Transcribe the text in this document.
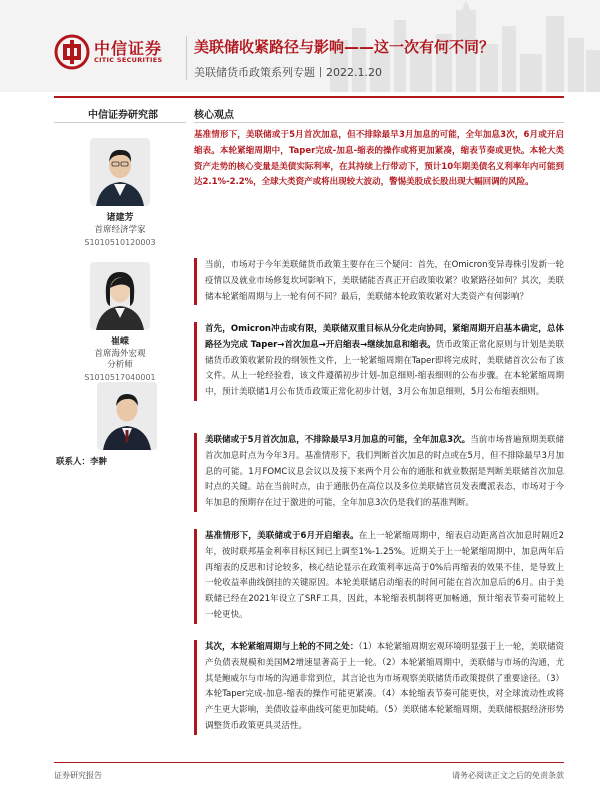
中信证券
CITIC SECURITIES
美联储收紧路径与影响——这一次有何不同？
美联储货币政策系列专题丨2022.1.20
中信证券研究部	核心观点
诸建芳
首席经济学家
S1010510120003
崔嵘
首席海外宏观
分析师
S1010517040001
联系人：李翀
基准情形下，美联储或于5月首次加息，但不排除最早3月加息的可能，全年加息3次，6月或开启缩表。本轮紧缩周期中，Taper完成-加息-缩表的操作或将更加紧凑，缩表节奏或更快。本轮大类资产走势的核心变量是美债实际利率，在其持续上行带动下，预计10年期美债名义利率年内可能到达2.1%-2.2%，全球大类资产或将出现较大波动，警惕美股成长股出现大幅回调的风险。
当前，市场对于今年美联储货币政策主要存在三个疑问：首先，在Omicron变异毒株引发新一轮疫情以及就业市场修复坎坷影响下，美联储能否真正开启政策收紧？收紧路径如何？其次，美联储本轮紧缩周期与上一轮有何不同？最后，美联储本轮政策收紧对大类资产有何影响？
首先，Omicron冲击或有限，美联储双重目标从分化走向协同，紧缩周期开启基本确定，总体路径为完成 Taper→首次加息→开启缩表→继续加息和缩表。货币政策正常化原则与计划是美联储货币政策收紧阶段的纲领性文件，上一轮紧缩周期在Taper即将完成时，美联储首次公布了该文件。从上一轮经验看，该文件遵循初步计划-加息细则-缩表细则的公布步骤。在本轮紧缩周期中，预计美联储1月公布货币政策正常化初步计划，3月公布加息细则，5月公布缩表细则。
美联储或于5月首次加息，不排除最早3月加息的可能，全年加息3次。当前市场普遍预期美联储首次加息时点为今年3月。基准情形下，我们判断首次加息的时点或在5月，但不排除最早3月加息的可能。1月FOMC议息会议以及接下来两个月公布的通胀和就业数据是判断美联储首次加息时点的关键。站在当前时点，由于通胀仍在高位以及多位美联储官员发表鹰派表态，市场对于今年加息的预期存在过于激进的可能，全年加息3次仍是我们的基准判断。
基准情形下，美联储或于6月开启缩表。在上一轮紧缩周期中，缩表启动距离首次加息时隔近2年，彼时联邦基金利率目标区间已上调至1%-1.25%。近期关于上一轮紧缩周期中，加息两年后再缩表的反思和讨论较多，核心结论显示在政策利率远高于0%后再缩表的效果不佳，是导致上一轮收益率曲线倒挂的关键原因。本轮美联储启动缩表的时间可能在首次加息后的6月。由于美联储已经在2021年设立了SRF工具，因此，本轮缩表机制将更加畅通，预计缩表节奏可能较上一轮更快。
其次，本轮紧缩周期与上轮的不同之处：（1）本轮紧缩周期宏观环境明显强于上一轮，美联储资产负债表规模和美国M2增速显著高于上一轮。（2）本轮紧缩周期中，美联储与市场的沟通，尤其是鲍威尔与市场的沟通非常到位，其言论也为市场观察美联储货币政策提供了重要途径。（3）本轮Taper完成-加息-缩表的操作可能更紧凑。（4）本轮缩表节奏可能更快，对全球流动性或将产生更大影响，美债收益率曲线可能更加陡峭。（5）美联储本轮紧缩周期，美联储根据经济形势调整货币政策更具灵活性。
证券研究报告	请务必阅读正文之后的免责条款
